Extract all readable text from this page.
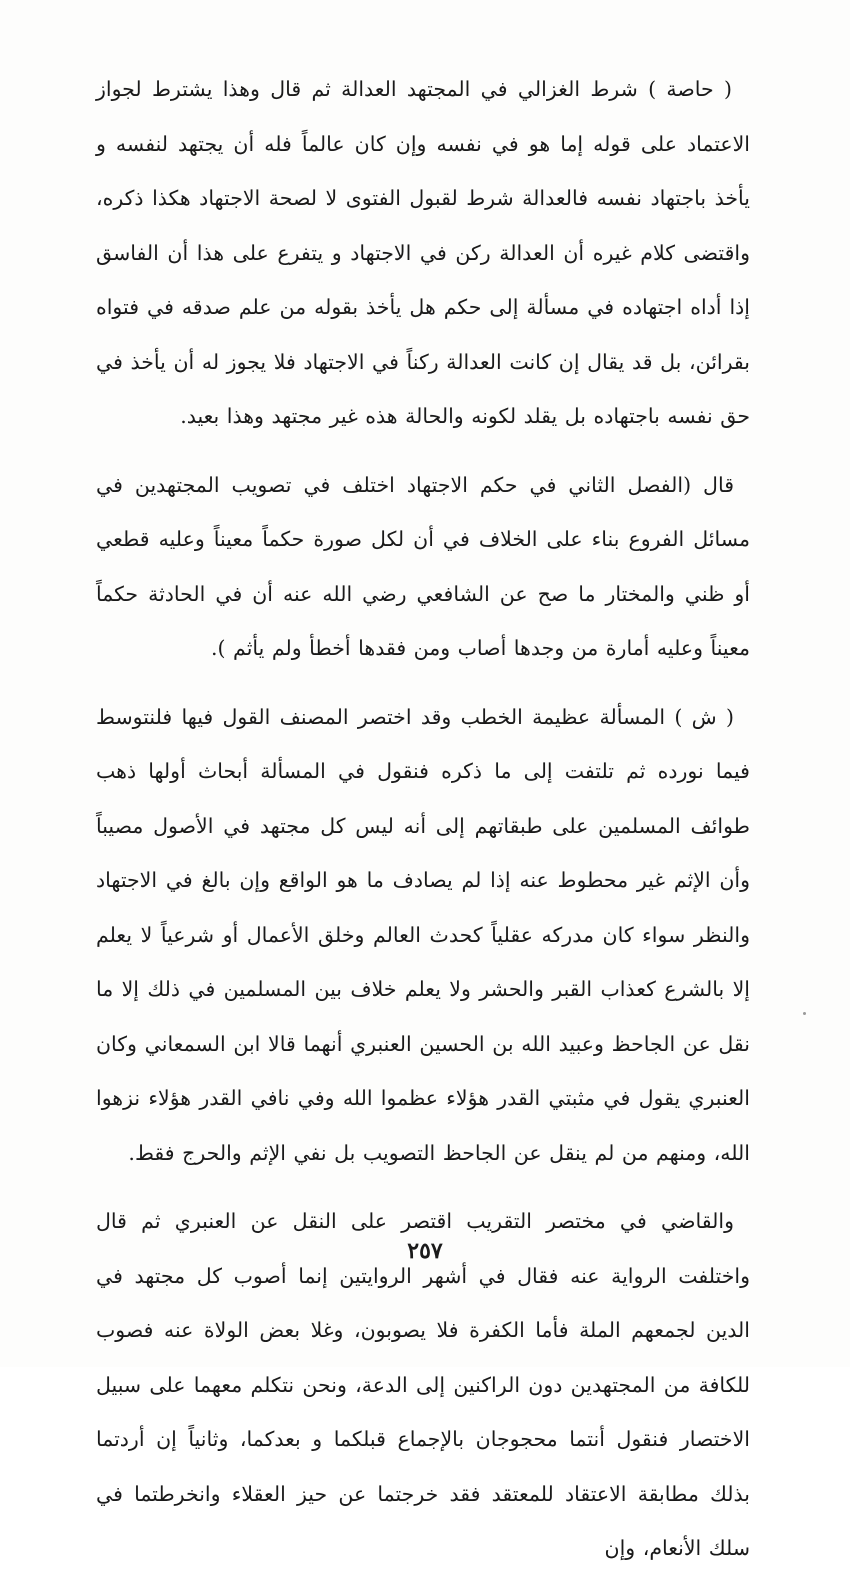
( حاصة ) شرط الغزالي في المجتهد العدالة ثم قال وهذا يشترط لجواز الاعتماد على قوله إما هو في نفسه وإن كان عالماً فله أن يجتهد لنفسه و يأخذ باجتهاد نفسه فالعدالة شرط لقبول الفتوى لا لصحة الاجتهاد هكذا ذكره، واقتضى كلام غيره أن العدالة ركن في الاجتهاد و يتفرع على هذا أن الفاسق إذا أداه اجتهاده في مسألة إلى حكم هل يأخذ بقوله من علم صدقه في فتواه بقرائن، بل قد يقال إن كانت العدالة ركناً في الاجتهاد فلا يجوز له أن يأخذ في حق نفسه باجتهاده بل يقلد لكونه والحالة هذه غير مجتهد وهذا بعيد.

قال (الفصل الثاني في حكم الاجتهاد اختلف في تصويب المجتهدين في مسائل الفروع بناء على الخلاف في أن لكل صورة حكماً معيناً وعليه قطعي أو ظني والمختار ما صح عن الشافعي رضي الله عنه أن في الحادثة حكماً معيناً وعليه أمارة من وجدها أصاب ومن فقدها أخطأ ولم يأثم ).

( ش ) المسألة عظيمة الخطب وقد اختصر المصنف القول فيها فلنتوسط فيما نورده ثم تلتفت إلى ما ذكره فنقول في المسألة أبحاث أولها ذهب طوائف المسلمين على طبقاتهم إلى أنه ليس كل مجتهد في الأصول مصيباً وأن الإثم غير محطوط عنه إذا لم يصادف ما هو الواقع وإن بالغ في الاجتهاد والنظر سواء كان مدركه عقلياً كحدث العالم وخلق الأعمال أو شرعياً لا يعلم إلا بالشرع كعذاب القبر والحشر ولا يعلم خلاف بين المسلمين في ذلك إلا ما نقل عن الجاحظ وعبيد الله بن الحسين العنبري أنهما قالا ابن السمعاني وكان العنبري يقول في مثبتي القدر هؤلاء عظموا الله وفي نافي القدر هؤلاء نزهوا الله، ومنهم من لم ينقل عن الجاحظ التصويب بل نفي الإثم والحرج فقط.

والقاضي في مختصر التقريب اقتصر على النقل عن العنبري ثم قال واختلفت الرواية عنه فقال في أشهر الروايتين إنما أصوب كل مجتهد في الدين لجمعهم الملة فأما الكفرة فلا يصوبون، وغلا بعض الولاة عنه فصوب للكافة من المجتهدين دون الراكنين إلى الدعة، ونحن نتكلم معهما على سبيل الاختصار فنقول أنتما محجوجان بالإجماع قبلكما و بعدكما، وثانياً إن أردتما بذلك مطابقة الاعتقاد للمعتقد فقد خرجتما عن حيز العقلاء وانخرطتما في سلك الأنعام، وإن

٢٥٧
